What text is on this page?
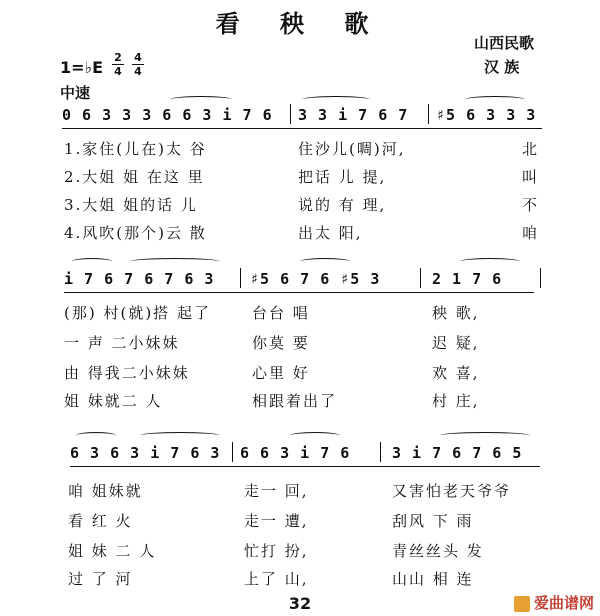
看 秧 歌
山西民歌
汉 族
1=♭E
2
4
4
4
中速
0 6 3 3 3 6 6 3 i 7 6 3 3 i 7 6 7 ♯5 6 3 3 3
1.家住(儿在)太 谷	住沙儿(啁)河,	北
2.大姐 姐 在这 里	把话 儿 提,	叫
3.大姐 姐的话 儿	说的 有 理,	不
4.风吹(那个)云 散	出太 阳,	咱
i 7 6 7 6 7 6 3 ♯5 6 7 6 ♯5 3	2 1 7 6
(那) 村(就)搭 起了	台台 唱	秧 歌,
一 声 二小妹妹	你莫 要	迟 疑,
由 得我二小妹妹	心里 好	欢 喜,
姐 妹就二 人	相跟着出了	村 庄,
6 3 6 3 i 7 6 3 6 6 3 i 7 6	3 i 7 6 7 6 5
咱 姐妹就	走一 回,	又害怕老天爷爷
看 红 火	走一 遭,	刮风 下 雨
姐 妹 二 人	忙打 扮,	青丝丝头 发
过 了 河	上了 山,	山山 相 连
32	爱曲谱网
